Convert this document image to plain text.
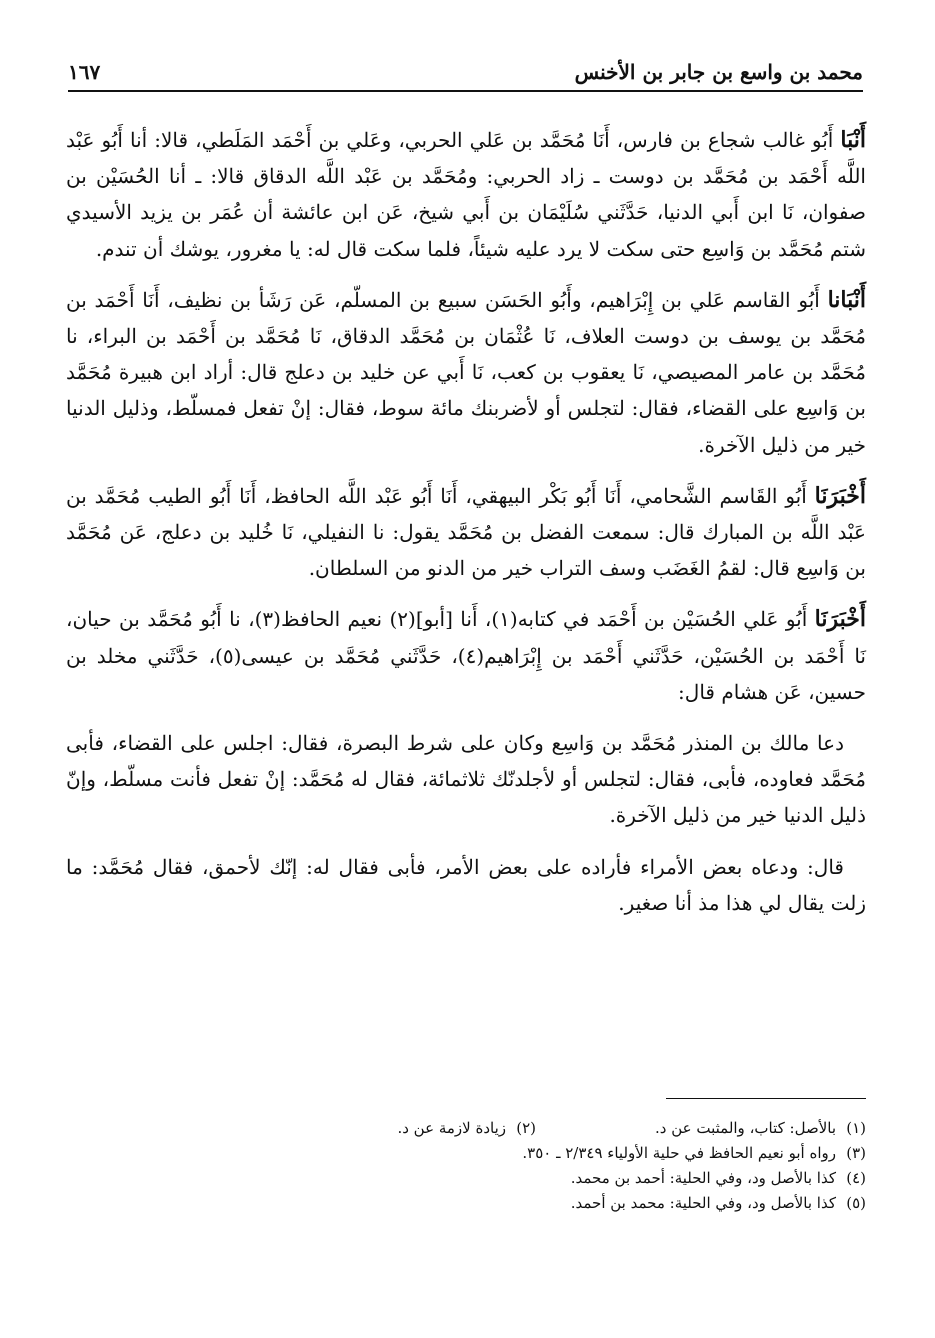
محمد بن واسع بن جابر بن الأخنس
١٦٧

أَنْبَا أَبُو غالب شجاع بن فارس، أَنَا مُحَمَّد بن عَلي الحربي، وعَلي بن أَحْمَد المَلَطي، قالا: أنا أَبُو عَبْد اللَّه أَحْمَد بن مُحَمَّد بن دوست ـ زاد الحربي: ومُحَمَّد بن عَبْد اللَّه الدقاق قالا: ـ أنا الحُسَيْن بن صفوان، نَا ابن أَبي الدنيا، حَدَّثَني سُلَيْمَان بن أَبي شيخ، عَن ابن عائشة أن عُمَر بن يزيد الأسيدي شتم مُحَمَّد بن وَاسِع حتى سكت لا يرد عليه شيئاً، فلما سكت قال له: يا مغرور، يوشك أن تندم.

أَنْبَانا أَبُو القاسم عَلي بن إِبْرَاهيم، وأَبُو الحَسَن سبيع بن المسلّم، عَن رَشَأ بن نظيف، أَنَا أَحْمَد بن مُحَمَّد بن يوسف بن دوست العلاف، نَا عُثْمَان بن مُحَمَّد الدقاق، نَا مُحَمَّد بن أَحْمَد بن البراء، نا مُحَمَّد بن عامر المصيصي، نَا يعقوب بن كعب، نَا أَبي عن خليد بن دعلج قال: أراد ابن هبيرة مُحَمَّد بن وَاسِع على القضاء، فقال: لتجلس أو لأضربنك مائة سوط، فقال: إنْ تفعل فمسلّط، وذليل الدنيا خير من ذليل الآخرة.

أَخْبَرَنَا أَبُو القَاسم الشَّحامي، أَنَا أَبُو بَكْر البيهقي، أَنَا أَبُو عَبْد اللَّه الحافظ، أَنَا أَبُو الطيب مُحَمَّد بن عَبْد اللَّه بن المبارك قال: سمعت الفضل بن مُحَمَّد يقول: نا النفيلي، نَا خُليد بن دعلج، عَن مُحَمَّد بن وَاسِع قال: لقمُ الغَضَب وسف التراب خير من الدنو من السلطان.

أَخْبَرَنَا أَبُو عَلي الحُسَيْن بن أَحْمَد في كتابه(١)، أَنا [أبو](٢) نعيم الحافظ(٣)، نا أَبُو مُحَمَّد بن حيان، نَا أَحْمَد بن الحُسَيْن، حَدَّثَني أَحْمَد بن إِبْرَاهيم(٤)، حَدَّثَني مُحَمَّد بن عيسى(٥)، حَدَّثَني مخلد بن حسين، عَن هشام قال:

دعا مالك بن المنذر مُحَمَّد بن وَاسِع وكان على شرط البصرة، فقال: اجلس على القضاء، فأبى مُحَمَّد فعاوده، فأبى، فقال: لتجلس أو لأجلدنّك ثلاثمائة، فقال له مُحَمَّد: إنْ تفعل فأنت مسلّط، وإنّ ذليل الدنيا خير من ذليل الآخرة.

قال: ودعاه بعض الأمراء فأراده على بعض الأمر، فأبى فقال له: إنّك لأحمق، فقال مُحَمَّد: ما زلت يقال لي هذا مذ أنا صغير.

(١)بالأصل: كتاب، والمثبت عن د.
(٢)زيادة لازمة عن د.
(٣)رواه أبو نعيم الحافظ في حلية الأولياء ٢/٣٤٩ ـ ٣٥٠.
(٤)كذا بالأصل ود، وفي الحلية: أحمد بن محمد.
(٥)كذا بالأصل ود، وفي الحلية: محمد بن أحمد.
